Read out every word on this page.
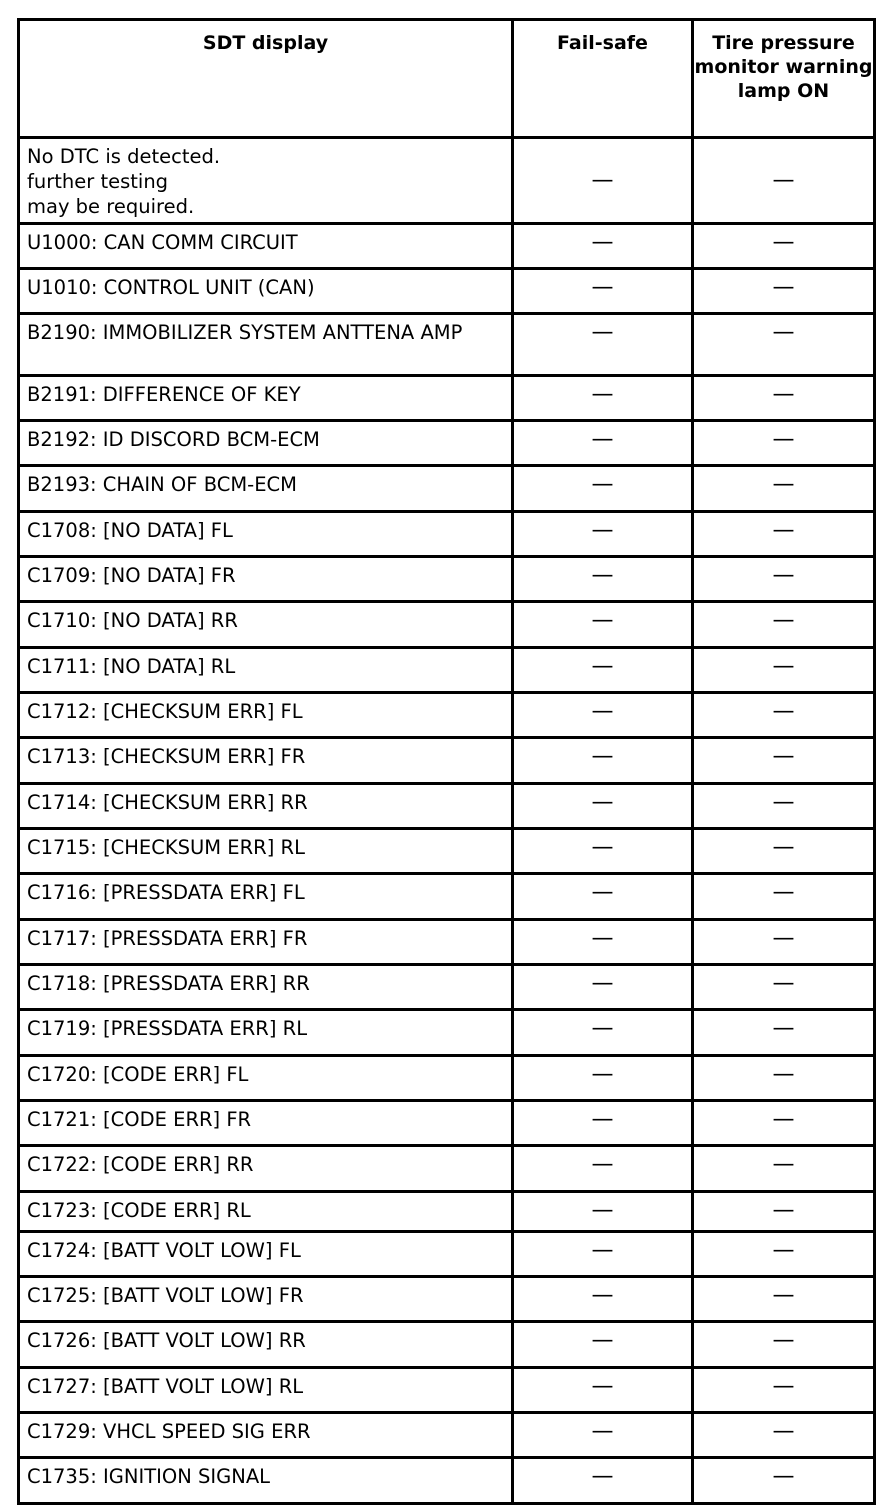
SDT display	Fail-safe	Tire pressure monitor warning lamp ON
No DTC is detected.
further testing
may be required.	—	—
U1000: CAN COMM CIRCUIT	—	—
U1010: CONTROL UNIT (CAN)	—	—
B2190: IMMOBILIZER SYSTEM ANTTENA AMP	—	—
B2191: DIFFERENCE OF KEY	—	—
B2192: ID DISCORD BCM-ECM	—	—
B2193: CHAIN OF BCM-ECM	—	—
C1708: [NO DATA] FL	—	—
C1709: [NO DATA] FR	—	—
C1710: [NO DATA] RR	—	—
C1711: [NO DATA] RL	—	—
C1712: [CHECKSUM ERR] FL	—	—
C1713: [CHECKSUM ERR] FR	—	—
C1714: [CHECKSUM ERR] RR	—	—
C1715: [CHECKSUM ERR] RL	—	—
C1716: [PRESSDATA ERR] FL	—	—
C1717: [PRESSDATA ERR] FR	—	—
C1718: [PRESSDATA ERR] RR	—	—
C1719: [PRESSDATA ERR] RL	—	—
C1720: [CODE ERR] FL	—	—
C1721: [CODE ERR] FR	—	—
C1722: [CODE ERR] RR	—	—
C1723: [CODE ERR] RL	—	—
C1724: [BATT VOLT LOW] FL	—	—
C1725: [BATT VOLT LOW] FR	—	—
C1726: [BATT VOLT LOW] RR	—	—
C1727: [BATT VOLT LOW] RL	—	—
C1729: VHCL SPEED SIG ERR	—	—
C1735: IGNITION SIGNAL	—	—
